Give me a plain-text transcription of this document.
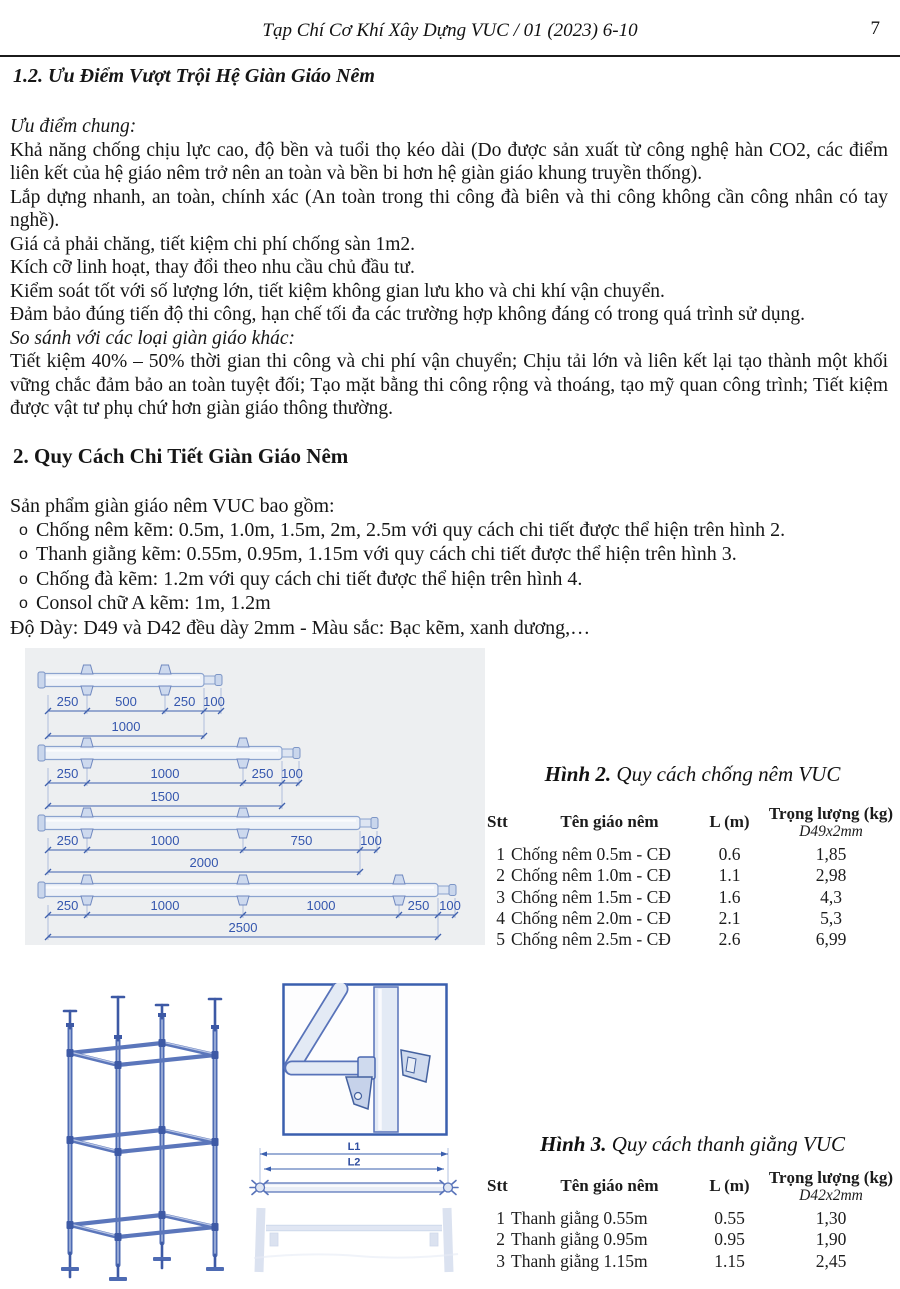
Tạp Chí Cơ Khí Xây Dựng VUC / 01 (2023) 6-10	7
1.2. Ưu Điểm Vượt Trội Hệ Giàn Giáo Nêm

Ưu điểm chung:

Khả năng chống chịu lực cao, độ bền và tuổi thọ kéo dài (Do được sản xuất từ công nghệ hàn CO2, các điểm liên kết của hệ giáo nêm trở nên an toàn và bền bi hơn hệ giàn giáo khung truyền thống).

Lắp dựng nhanh, an toàn, chính xác (An toàn trong thi công đà biên và thi công không cần công nhân có tay nghề).

Giá cả phải chăng, tiết kiệm chi phí chống sàn 1m2.

Kích cỡ linh hoạt, thay đổi theo nhu cầu chủ đầu tư.

Kiểm soát tốt với số lượng lớn, tiết kiệm không gian lưu kho và chi khí vận chuyển.

Đảm bảo đúng tiến độ thi công, hạn chế tối đa các trường hợp không đáng có trong quá trình sử dụng.

So sánh với các loại giàn giáo khác:

Tiết kiệm 40% – 50% thời gian thi công và chi phí vận chuyển; Chịu tải lớn và liên kết lại tạo thành một khối vững chắc đảm bảo an toàn tuyệt đối; Tạo mặt bằng thi công rộng và thoáng, tạo mỹ quan công trình; Tiết kiệm được vật tư phụ chứ hơn giàn giáo thông thường.

2. Quy Cách Chi Tiết Giàn Giáo Nêm

Sản phẩm giàn giáo nêm VUC bao gồm:

o Chống nêm kẽm: 0.5m, 1.0m, 1.5m, 2m, 2.5m với quy cách chi tiết được thể hiện trên hình 2.
o Thanh giằng kẽm: 0.55m, 0.95m, 1.15m với quy cách chi tiết được thể hiện trên hình 3.
o Chống đà kẽm: 1.2m với quy cách chi tiết được thể hiện trên hình 4.
o Consol chữ A kẽm: 1m, 1.2m

Độ Dày: D49 và D42 đều dày 2mm - Màu sắc: Bạc kẽm, xanh dương,…

250	500	250 100
1000
250	1000	250 100
1500
250	1000	750	100
2000
250	1000	1000	250 100
2500
Hình 2. Quy cách chống nêm VUC
Stt	Tên giáo nêm	L (m)	Trọng lượng (kg)
D49x2mm
1 Chống nêm 0.5m - CĐ	0.6	1,85
2 Chống nêm 1.0m - CĐ	1.1	2,98
3 Chống nêm 1.5m - CĐ	1.6	4,3
4 Chống nêm 2.0m - CĐ	2.1	5,3
5 Chống nêm 2.5m - CĐ	2.6	6,99
L1
L2
Hình 3. Quy cách thanh giằng VUC
Stt	Tên giáo nêm	L (m)	Trọng lượng (kg)
D42x2mm
1 Thanh giằng 0.55m	0.55	1,30
2 Thanh giằng 0.95m	0.95	1,90
3 Thanh giằng 1.15m	1.15	2,45
